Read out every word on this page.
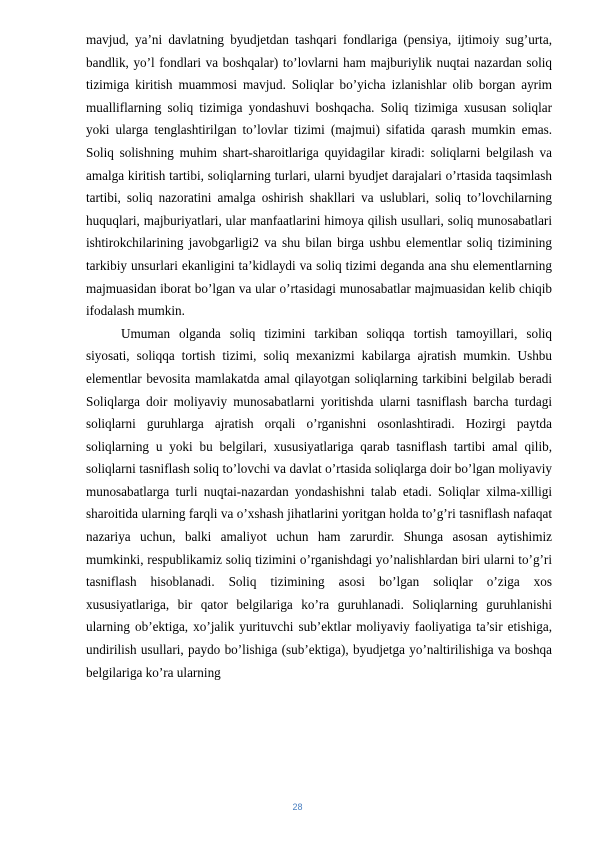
mavjud, ya’ni davlatning byudjetdan tashqari fondlariga (pensiya, ijtimoiy sug’urta, bandlik, yo’l fondlari va boshqalar) to’lovlarni ham majburiylik nuqtai nazardan soliq tizimiga kiritish muammosi mavjud. Soliqlar bo’yicha izlanishlar olib borgan ayrim mualliflarning soliq tizimiga yondashuvi boshqacha. Soliq tizimiga xususan soliqlar yoki ularga tenglashtirilgan to’lovlar tizimi (majmui) sifatida qarash mumkin emas. Soliq solishning muhim shart-sharoitlariga quyidagilar kiradi: soliqlarni belgilash va amalga kiritish tartibi, soliqlarning turlari, ularni byudjet darajalari o’rtasida taqsimlash tartibi, soliq nazoratini amalga oshirish shakllari va uslublari, soliq to’lovchilarning huquqlari, majburiyatlari, ular manfaatlarini himoya qilish usullari, soliq munosabatlari ishtirokchilarining javobgarligi2 va shu bilan birga ushbu elementlar soliq tizimining tarkibiy unsurlari ekanligini ta’kidlaydi va soliq tizimi deganda ana shu elementlarning majmuasidan iborat bo’lgan va ular o’rtasidagi munosabatlar majmuasidan kelib chiqib ifodalash mumkin.

Umuman olganda soliq tizimini tarkiban soliqqa tortish tamoyillari, soliq siyosati, soliqqa tortish tizimi, soliq mexanizmi kabilarga ajratish mumkin. Ushbu elementlar bevosita mamlakatda amal qilayotgan soliqlarning tarkibini belgilab beradi Soliqlarga doir moliyaviy munosabatlarni yoritishda ularni tasniflash barcha turdagi soliqlarni guruhlarga ajratish orqali o’rganishni osonlashtiradi. Hozirgi paytda soliqlarning u yoki bu belgilari, xususiyatlariga qarab tasniflash tartibi amal qilib, soliqlarni tasniflash soliq to’lovchi va davlat o’rtasida soliqlarga doir bo’lgan moliyaviy munosabatlarga turli nuqtai-nazardan yondashishni talab etadi. Soliqlar xilma-xilligi sharoitida ularning farqli va o’xshash jihatlarini yoritgan holda to’g’ri tasniflash nafaqat nazariya uchun, balki amaliyot uchun ham zarurdir. Shunga asosan aytishimiz mumkinki, respublikamiz soliq tizimini o’rganishdagi yo’nalishlardan biri ularni to’g’ri tasniflash hisoblanadi. Soliq tizimining asosi bo’lgan soliqlar o’ziga xos xususiyatlariga, bir qator belgilariga ko’ra guruhlanadi. Soliqlarning guruhlanishi ularning ob’ektiga, xo’jalik yurituvchi sub’ektlar moliyaviy faoliyatiga ta’sir etishiga, undirilish usullari, paydo bo’lishiga (sub’ektiga), byudjetga yo’naltirilishiga va boshqa belgilariga ko’ra ularning

28
